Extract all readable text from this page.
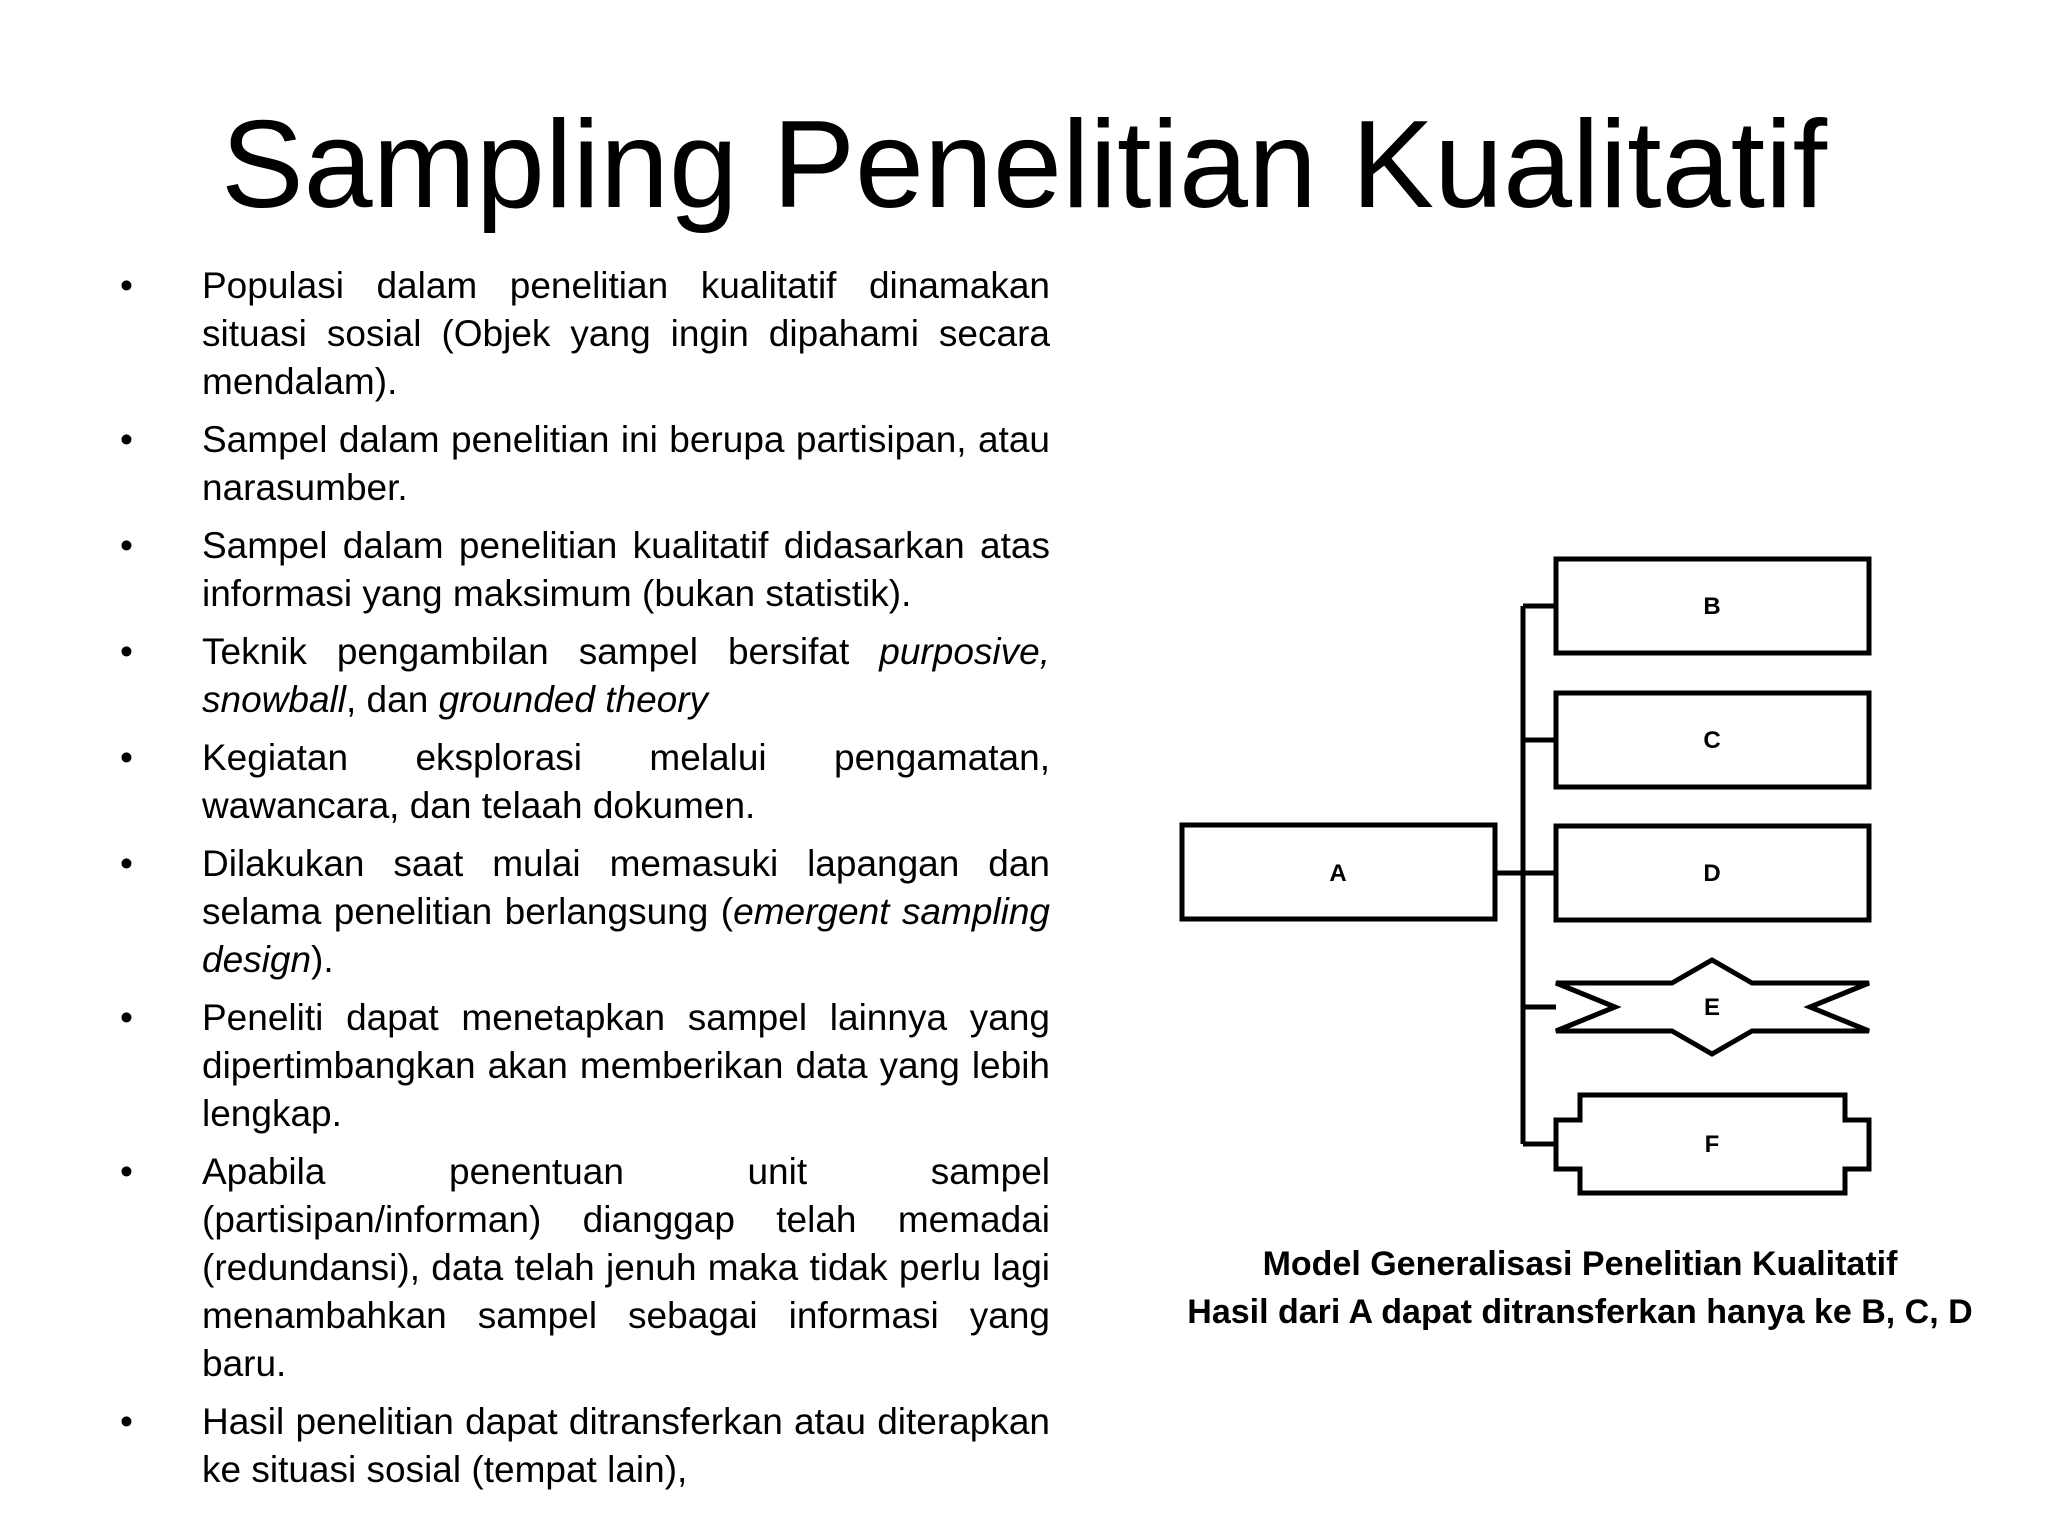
Sampling Penelitian Kualitatif
• Populasi dalam penelitian kualitatif dinamakan situasi sosial (Objek yang ingin dipahami secara mendalam).
• Sampel dalam penelitian ini berupa partisipan, atau narasumber.
• Sampel dalam penelitian kualitatif didasarkan atas informasi yang maksimum (bukan statistik).
• Teknik pengambilan sampel bersifat purposive, snowball, dan grounded theory
• Kegiatan eksplorasi melalui pengamatan, wawancara, dan telaah dokumen.
• Dilakukan saat mulai memasuki lapangan dan selama penelitian berlangsung (emergent sampling design).
• Peneliti dapat menetapkan sampel lainnya yang dipertimbangkan akan memberikan data yang lebih lengkap.
• Apabila penentuan unit sampel (partisipan/informan) dianggap telah memadai (redundansi), data telah jenuh maka tidak perlu lagi menambahkan sampel sebagai informasi yang baru.
• Hasil penelitian dapat ditransferkan atau diterapkan ke situasi sosial (tempat lain),
A
B
C
D
E
F
Model Generalisasi Penelitian Kualitatif
Hasil dari A dapat ditransferkan hanya ke B, C, D
